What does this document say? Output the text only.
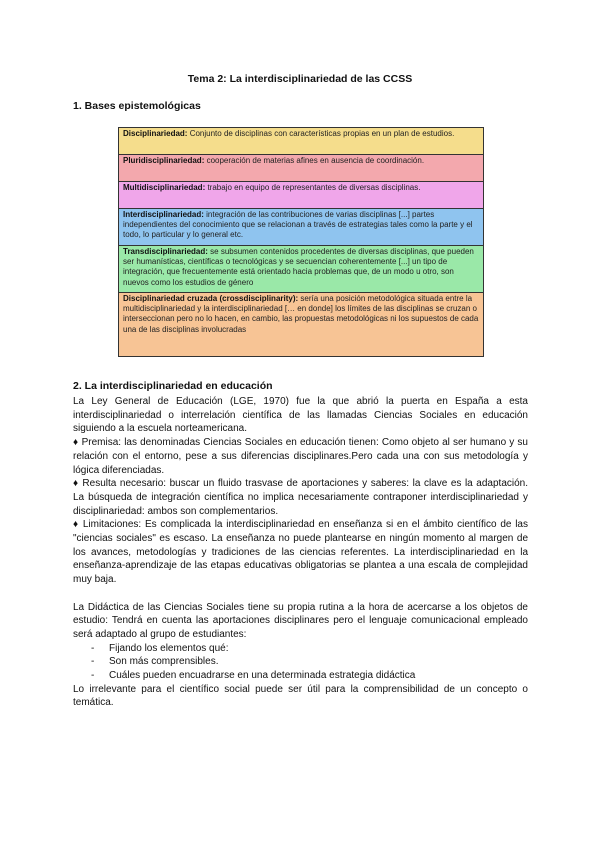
Tema 2: La interdisciplinariedad de las CCSS
1. Bases epistemológicas
Disciplinariedad: Conjunto de disciplinas con características propias en un plan de estudios.
Pluridisciplinariedad: cooperación de materias afines en ausencia de coordinación.
Multidisciplinariedad: trabajo en equipo de representantes de diversas disciplinas.
Interdisciplinariedad: integración de las contribuciones de varias disciplinas [...] partes independientes del conocimiento que se relacionan a través de estrategias tales como la parte y el todo, lo particular y lo general etc.
Transdisciplinariedad: se subsumen contenidos procedentes de diversas disciplinas, que pueden ser humanísticas, científicas o tecnológicas y se secuencian coherentemente [...] un tipo de integración, que frecuentemente está orientado hacia problemas que, de un modo u otro, son nuevos como los estudios de género
Disciplinariedad cruzada (crossdisciplinarity): sería una posición metodológica situada entre la multidisciplinariedad y la interdisciplinariedad [… en donde] los límites de las disciplinas se cruzan o interseccionan pero no lo hacen, en cambio, las propuestas metodológicas ni los supuestos de cada una de las disciplinas involucradas
2. La interdisciplinariedad en educación

La Ley General de Educación (LGE, 1970) fue la que abrió la puerta en España a esta interdisciplinariedad o interrelación científica de las llamadas Ciencias Sociales en educación siguiendo a la escuela norteamericana.

♦ Premisa: las denominadas Ciencias Sociales en educación tienen: Como objeto al ser humano y su relación con el entorno, pese a sus diferencias disciplinares.Pero cada una con sus metodología y lógica diferenciadas.

♦ Resulta necesario: buscar un fluido trasvase de aportaciones y saberes: la clave es la adaptación. La búsqueda de integración científica no implica necesariamente contraponer interdisciplinariedad y disciplinariedad: ambos son complementarios.

♦ Limitaciones: Es complicada la interdisciplinariedad en enseñanza si en el ámbito científico de las "ciencias sociales" es escaso. La enseñanza no puede plantearse en ningún momento al margen de los avances, metodologías y tradiciones de las ciencias referentes. La interdisciplinariedad en la enseñanza-aprendizaje de las etapas educativas obligatorias se plantea a una escala de complejidad muy baja.

La Didáctica de las Ciencias Sociales tiene su propia rutina a la hora de acercarse a los objetos de estudio: Tendrá en cuenta las aportaciones disciplinares pero el lenguaje comunicacional empleado será adaptado al grupo de estudiantes:

- Fijando los elementos qué:
- Son más comprensibles.
- Cuáles pueden encuadrarse en una determinada estrategia didáctica

Lo irrelevante para el científico social puede ser útil para la comprensibilidad de un concepto o temática.
